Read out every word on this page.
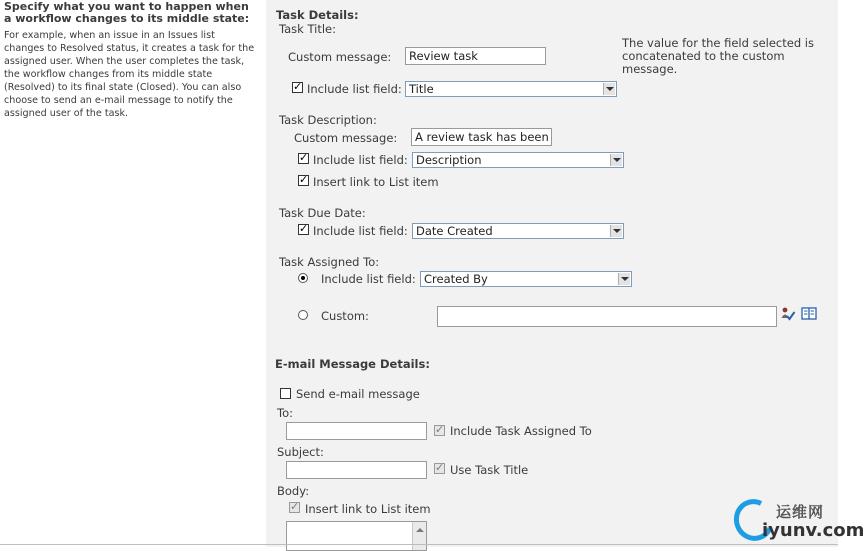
Specify what you want to happen when a workflow changes to its middle state:
For example, when an issue in an Issues list changes to Resolved status, it creates a task for the assigned user. When the user completes the task, the workflow changes from its middle state (Resolved) to its final state (Closed). You can also choose to send an e-mail message to notify the assigned user of the task.
Task Details:
Task Title:
Custom message:	Review task
The value for the field selected is concatenated to the custom message.
✓
Include list field: Title
Task Description:
Custom message:	A review task has been
✓
Include list field: Description
✓
Insert link to List item
Task Due Date:
✓
Include list field: Date Created
Task Assigned To:
Include list field: Created By
Custom:
E-mail Message Details:
Send e-mail message
To:
✓
Include Task Assigned To
Subject:
✓
Use Task Title
Body:
✓
Insert link to List item	运维网
iyunv.com
